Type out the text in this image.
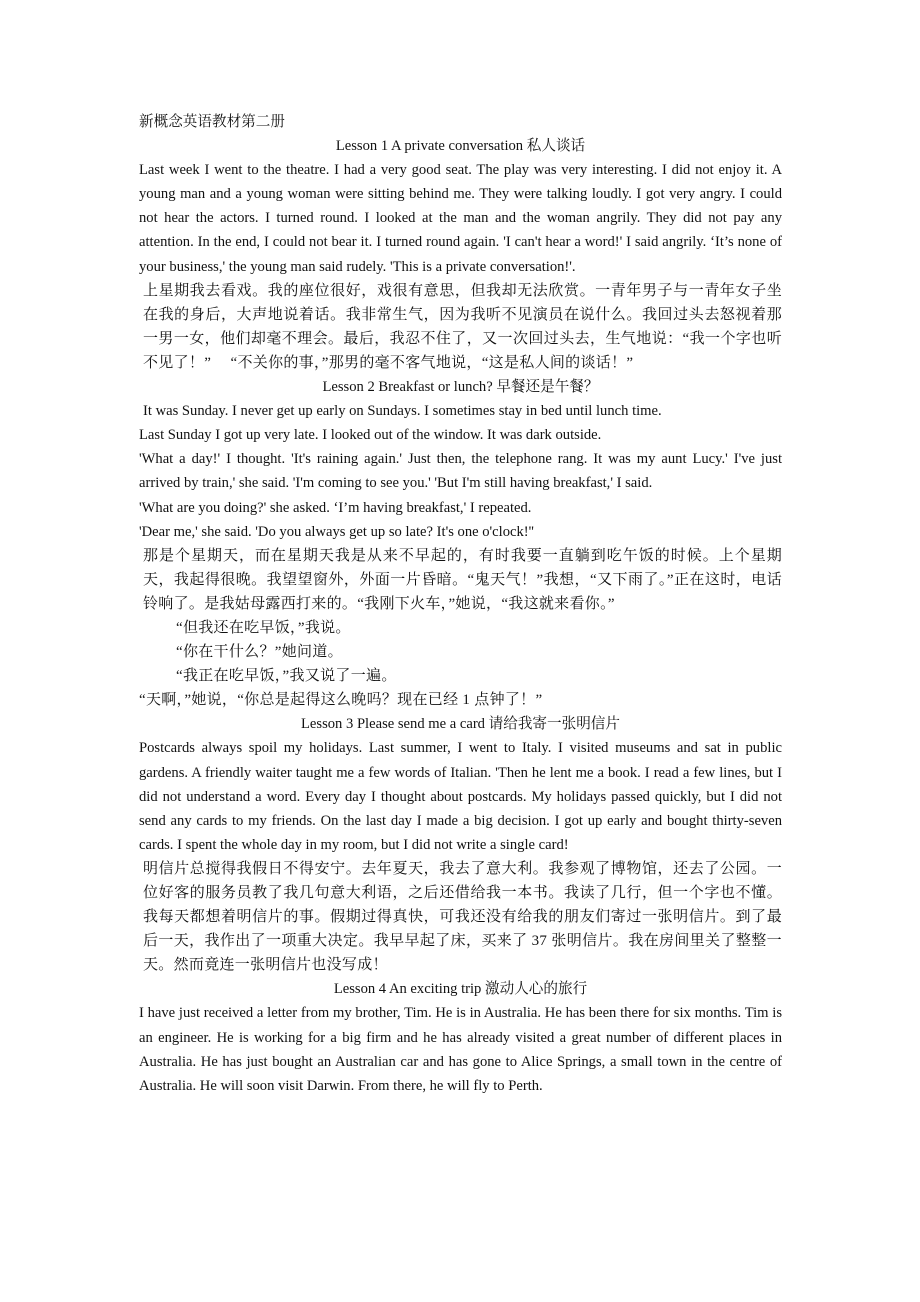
新概念英语教材第二册

Lesson 1 A private conversation 私人谈话

Last week I went to the theatre. I had a very good seat. The play was very interesting. I did not enjoy it. A young man and a young woman were sitting behind me. They were talking loudly. I got very angry. I could not hear the actors. I turned round. I looked at the man and the woman angrily. They did not pay any attention. In the end, I could not bear it. I turned round again. 'I can't hear a word!' I said angrily. ‘It’s none of your business,' the young man said rudely. 'This is a private conversation!'.

上星期我去看戏。我的座位很好，戏很有意思，但我却无法欣赏。一青年男子与一青年女子坐在我的身后，大声地说着话。我非常生气，因为我听不见演员在说什么。我回过头去怒视着那一男一女，他们却毫不理会。最后，我忍不住了，又一次回过头去，生气地说：“我一个字也听不见了！”　 “不关你的事，”那男的毫不客气地说，“这是私人间的谈话！”

Lesson 2 Breakfast or lunch? 早餐还是午餐？

It was Sunday. I never get up early on Sundays. I sometimes stay in bed until lunch time.

Last Sunday I got up very late. I looked out of the window. It was dark outside.

'What a day!' I thought. 'It's raining again.' Just then, the telephone rang. It was my aunt Lucy.' I've just arrived by train,' she said. 'I'm coming to see you.' 'But I'm still having breakfast,' I said.

'What are you doing?' she asked. ‘I’m having breakfast,' I repeated.

'Dear me,' she said. 'Do you always get up so late? It's one o'clock!''

那是个星期天，而在星期天我是从来不早起的，有时我要一直躺到吃午饭的时候。上个星期天，我起得很晚。我望望窗外，外面一片昏暗。“鬼天气！”我想，“又下雨了。”正在这时，电话铃响了。是我姑母露西打来的。“我刚下火车，”她说，“我这就来看你。”

“但我还在吃早饭，”我说。

“你在干什么？”她问道。

“我正在吃早饭，”我又说了一遍。

“天啊，”她说，“你总是起得这么晚吗？现在已经 1 点钟了！”

Lesson 3 Please send me a card 请给我寄一张明信片

Postcards always spoil my holidays. Last summer, I went to Italy. I visited museums and sat in public gardens. A friendly waiter taught me a few words of Italian. 'Then he lent me a book. I read a few lines, but I did not understand a word. Every day I thought about postcards. My holidays passed quickly, but I did not send any cards to my friends. On the last day I made a big decision. I got up early and bought thirty-seven cards. I spent the whole day in my room, but I did not write a single card!

明信片总搅得我假日不得安宁。去年夏天，我去了意大利。我参观了博物馆，还去了公园。一位好客的服务员教了我几句意大利语，之后还借给我一本书。我读了几行，但一个字也不懂。我每天都想着明信片的事。假期过得真快，可我还没有给我的朋友们寄过一张明信片。到了最后一天，我作出了一项重大决定。我早早起了床，买来了 37 张明信片。我在房间里关了整整一天。然而竟连一张明信片也没写成！

Lesson 4 An exciting trip 激动人心的旅行

I have just received a letter from my brother, Tim. He is in Australia. He has been there for six months. Tim is an engineer. He is working for a big firm and he has already visited a great number of different places in Australia. He has just bought an Australian car and has gone to Alice Springs, a small town in the centre of Australia. He will soon visit Darwin. From there, he will fly to Perth.
